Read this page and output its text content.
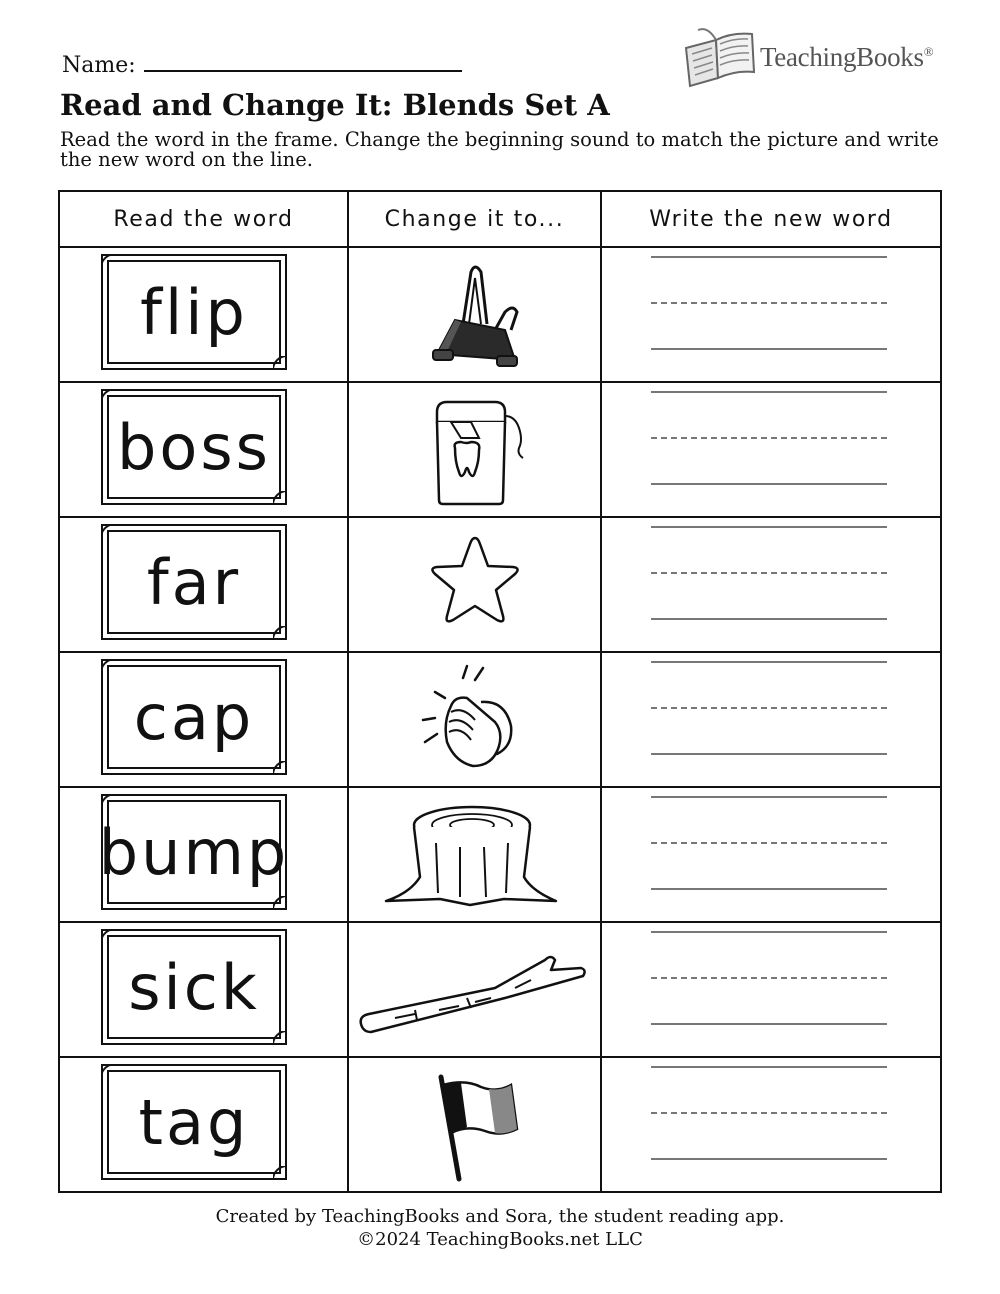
Name:	TeachingBooks®
Read and Change It: Blends Set A
Read the word in the frame. Change the beginning sound to match the picture and write the new word on the line.
Read the word	Change it to...	Write the new word

flip

boss

far

cap

bump

sick

tag

Created by TeachingBooks and Sora, the student reading app.
©2024 TeachingBooks.net LLC
